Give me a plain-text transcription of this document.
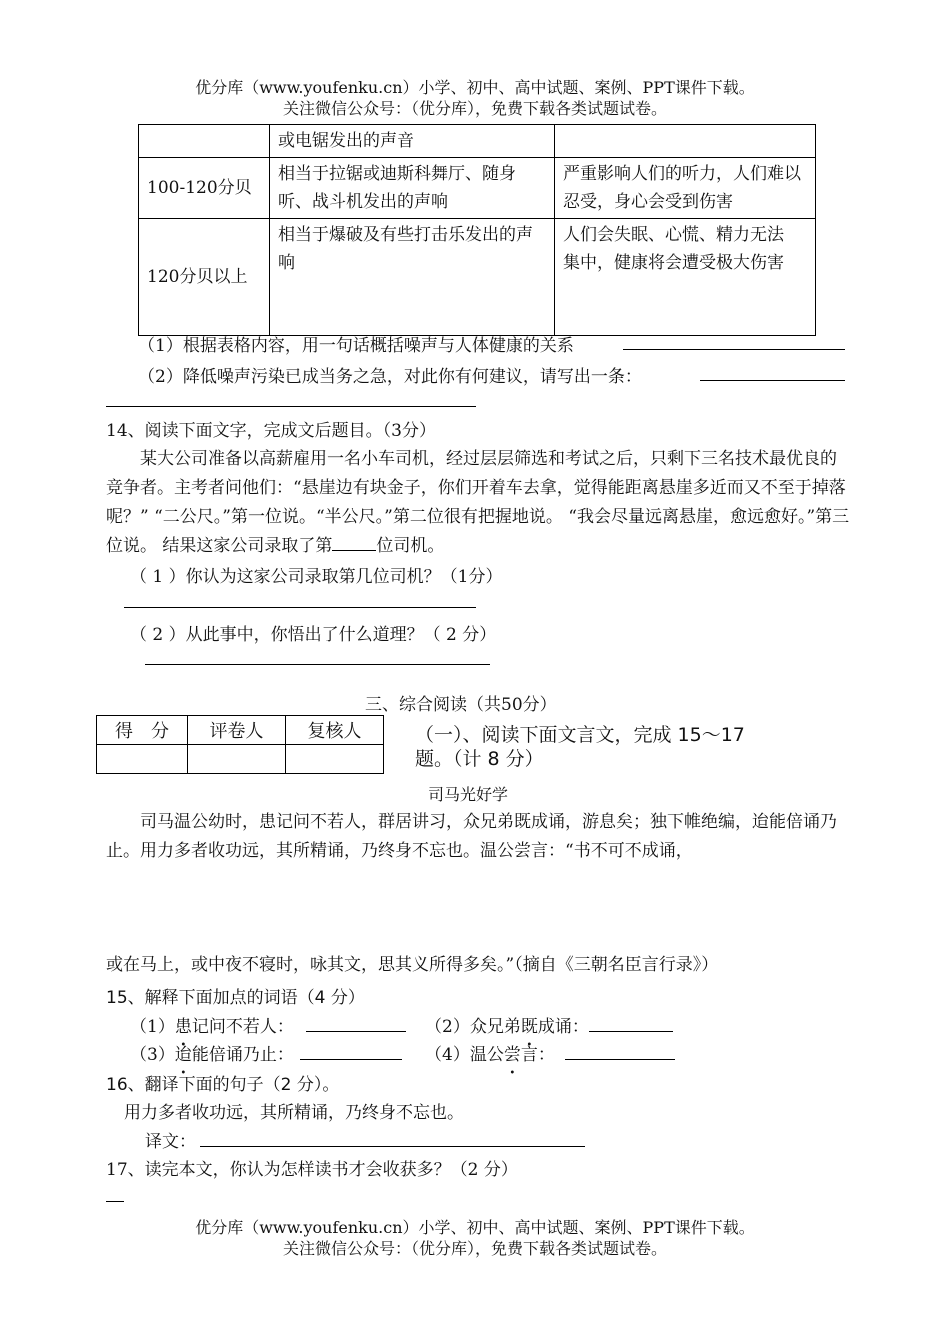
优分库（www.youfenku.cn）小学、初中、高中试题、案例、PPT课件下载。
关注微信公众号：（优分库），免费下载各类试题试卷。
	或电锯发出的声音	
100-120分贝	相当于拉锯或迪斯科舞厅、随身听、战斗机发出的声响	严重影响人们的听力，人们难以忍受，身心会受到伤害
120分贝以上	相当于爆破及有些打击乐发出的声响	人们会失眠、心慌、精力无法
集中，健康将会遭受极大伤害
（1）根据表格内容，用一句话概括噪声与人体健康的关系
（2）降低噪声污染已成当务之急，对此你有何建议，请写出一条：
14、阅读下面文字，完成文后题目。（3分）
某大公司准备以高薪雇用一名小车司机，经过层层筛选和考试之后，只剩下三名技术最优良的竞争者。主考者问他们：“悬崖边有块金子，你们开着车去拿，觉得能距离悬崖多近而又不至于掉落呢？” “二公尺。”第一位说。“半公尺。”第二位很有把握地说。 “我会尽量远离悬崖，愈远愈好。”第三位说。 结果这家公司录取了第	位司机。
（ 1 ）你认为这家公司录取第几位司机？（1分）
（ 2 ）从此事中，你悟出了什么道理？（ 2 分）
三、综合阅读（共50分）
得　分	评卷人	复核人
			（一）、阅读下面文言文，完成 15～17
题。（计 8 分）
司马光好学
司马温公幼时，患记问不若人，群居讲习，众兄弟既成诵，游息矣；独下帷绝编，迨能倍诵乃止。用力多者收功远，其所精诵，乃终身不忘也。温公尝言：“书不可不成诵，
或在马上，或中夜不寝时，咏其文，思其义所得多矣。”（摘自《三朝名臣言行录》）
15、解释下面加点的词语（4 分）
（1）患记问不若人：	（2）众兄弟既成诵：
（3）迨能倍诵乃止：	（4）温公尝言：
16、翻译下面的句子（2 分）。
用力多者收功远，其所精诵，乃终身不忘也。
译文：
17、读完本文，你认为怎样读书才会收获多？（2 分）
优分库（www.youfenku.cn）小学、初中、高中试题、案例、PPT课件下载。
关注微信公众号：（优分库），免费下载各类试题试卷。
